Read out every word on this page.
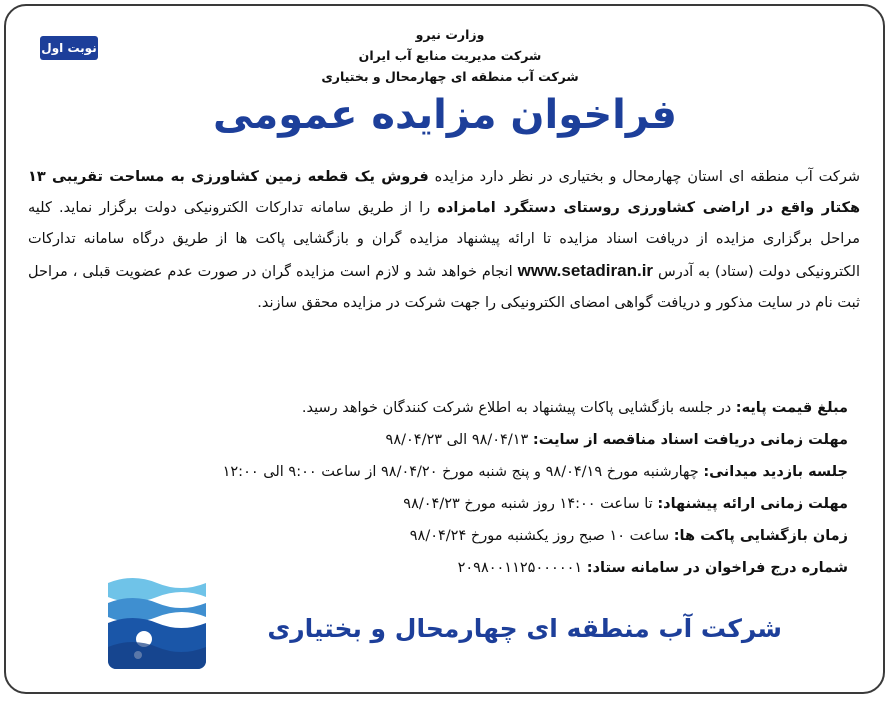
نوبت اول
وزارت نیرو
شرکت مدیریت منابع آب ایران
شرکت آب منطقه ای چهارمحال و بختیاری
فراخوان مزایده عمومی
شرکت آب منطقه ای استان چهارمحال و بختیاری در نظر دارد مزایده فروش یک قطعه زمین کشاورزی به مساحت تقریبی ۱۳ هکتار واقع در اراضی کشاورزی روستای دستگرد امامزاده را از طریق سامانه تدارکات الکترونیکی دولت برگزار نماید. کلیه مراحل برگزاری مزایده از دریافت اسناد مزایده تا ارائه پیشنهاد مزایده گران و بازگشایی پاکت ها از طریق درگاه سامانه تدارکات الکترونیکی دولت (ستاد) به آدرس www.setadiran.ir انجام خواهد شد و لازم است مزایده گران در صورت عدم عضویت قبلی ، مراحل ثبت نام در سایت مذکور و دریافت گواهی امضای الکترونیکی را جهت شرکت در مزایده محقق سازند.
مبلغ قیمت پایه: در جلسه بازگشایی پاکات پیشنهاد به اطلاع شرکت کنندگان خواهد رسید.
مهلت زمانی دریافت اسناد مناقصه از سایت: ۹۸/۰۴/۱۳ الی ۹۸/۰۴/۲۳
جلسه بازدید میدانی: چهارشنبه مورخ ۹۸/۰۴/۱۹ و پنج شنبه مورخ ۹۸/۰۴/۲۰ از ساعت ۹:۰۰ الی ۱۲:۰۰
مهلت زمانی ارائه پیشنهاد: تا ساعت ۱۴:۰۰ روز شنبه مورخ ۹۸/۰۴/۲۳
زمان بازگشایی پاکت ها: ساعت ۱۰ صبح روز یکشنبه مورخ ۹۸/۰۴/۲۴
شماره درج فراخوان در سامانه ستاد: ۲۰۹۸۰۰۱۱۲۵۰۰۰۰۰۱
شرکت آب منطقه ای چهارمحال و بختیاری
